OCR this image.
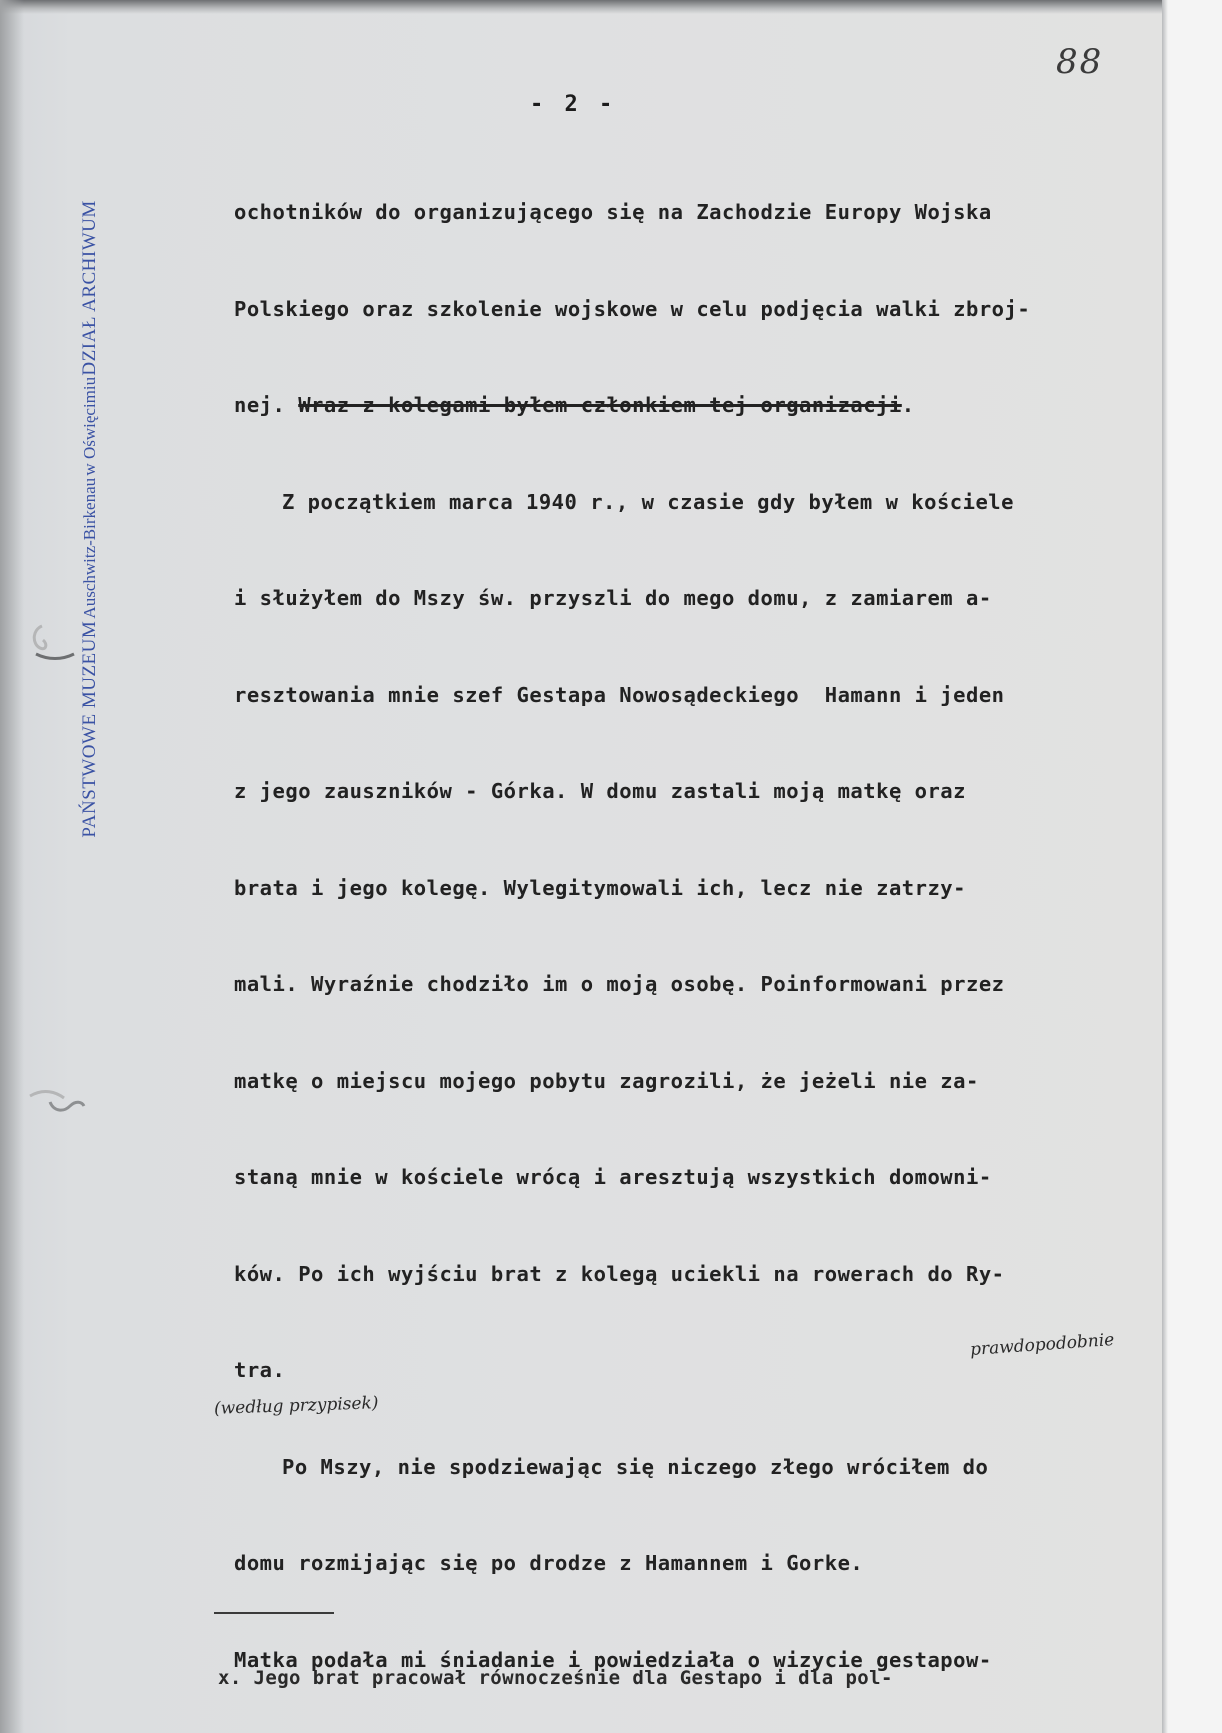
88
- 2 -
PAŃSTWOWE MUZEUM
Auschwitz-Birkenau
w Oświęcimiu
DZIAŁ ARCHIWUM

	ochotników do organizującego się na Zachodzie Europy Wojska

Polskiego oraz szkolenie wojskowe w celu podjęcia walki zbroj-

nej. Wraz z kolegami byłem członkiem tej organizacji.

Z początkiem marca 1940 r., w czasie gdy byłem w kościele

i służyłem do Mszy św. przyszli do mego domu, z zamiarem a-

resztowania mnie szef Gestapa Nowosądeckiego  Hamann i jeden

z jego zauszników - Górka. W domu zastali moją matkę oraz

brata i jego kolegę. Wylegitymowali ich, lecz nie zatrzy-

mali. Wyraźnie chodziło im o moją osobę. Poinformowani przez

matkę o miejscu mojego pobytu zagrozili, że jeżeli nie za-

staną mnie w kościele wrócą i aresztują wszystkich domowni-

ków. Po ich wyjściu brat z kolegą uciekli na rowerach do Ry-

tra.

Po Mszy, nie spodziewając się niczego złego wróciłem do

domu rozmijając się po drodze z Hamannem i Gorke.

Matka podała mi śniadanie i powiedziała o wizycie gestapow-

prawdopodobnie
(według przypisek)

x. Jego brat pracował równocześnie dla Gestapo i dla pol-
